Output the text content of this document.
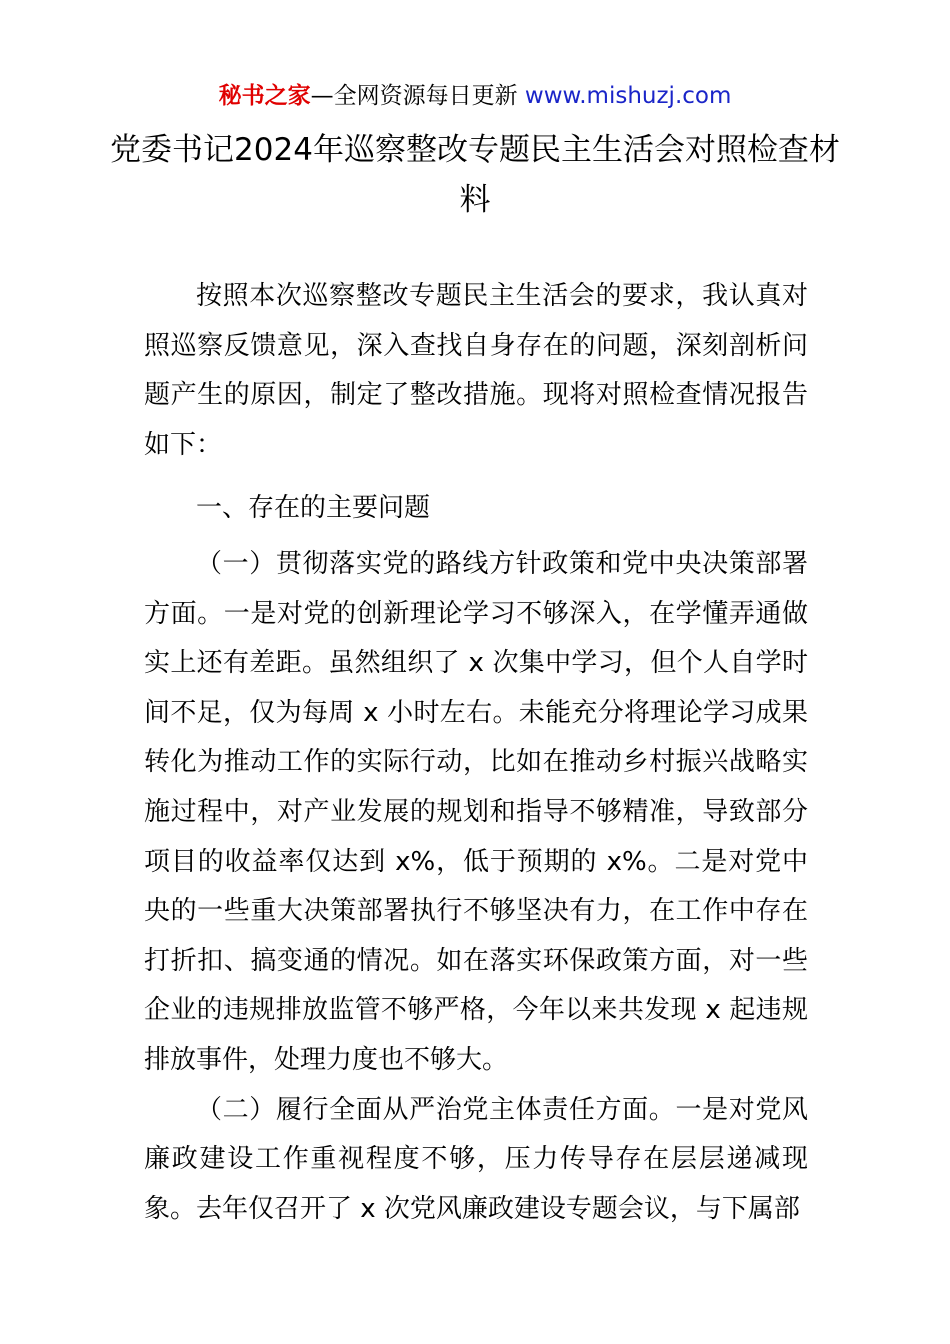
秘书之家—全网资源每日更新 www.mishuzj.com
党委书记2024年巡察整改专题民主生活会对照检查材料

按照本次巡察整改专题民主生活会的要求，我认真对照巡察反馈意见，深入查找自身存在的问题，深刻剖析问题产生的原因，制定了整改措施。现将对照检查情况报告如下：

一、存在的主要问题

（一）贯彻落实党的路线方针政策和党中央决策部署方面。一是对党的创新理论学习不够深入，在学懂弄通做实上还有差距。虽然组织了 x 次集中学习，但个人自学时间不足，仅为每周 x 小时左右。未能充分将理论学习成果转化为推动工作的实际行动，比如在推动乡村振兴战略实施过程中，对产业发展的规划和指导不够精准，导致部分项目的收益率仅达到 x%，低于预期的 x%。二是对党中央的一些重大决策部署执行不够坚决有力，在工作中存在打折扣、搞变通的情况。如在落实环保政策方面，对一些企业的违规排放监管不够严格，今年以来共发现 x 起违规排放事件，处理力度也不够大。

（二）履行全面从严治党主体责任方面。一是对党风廉政建设工作重视程度不够，压力传导存在层层递减现象。去年仅召开了 x 次党风廉政建设专题会议，与下属部
